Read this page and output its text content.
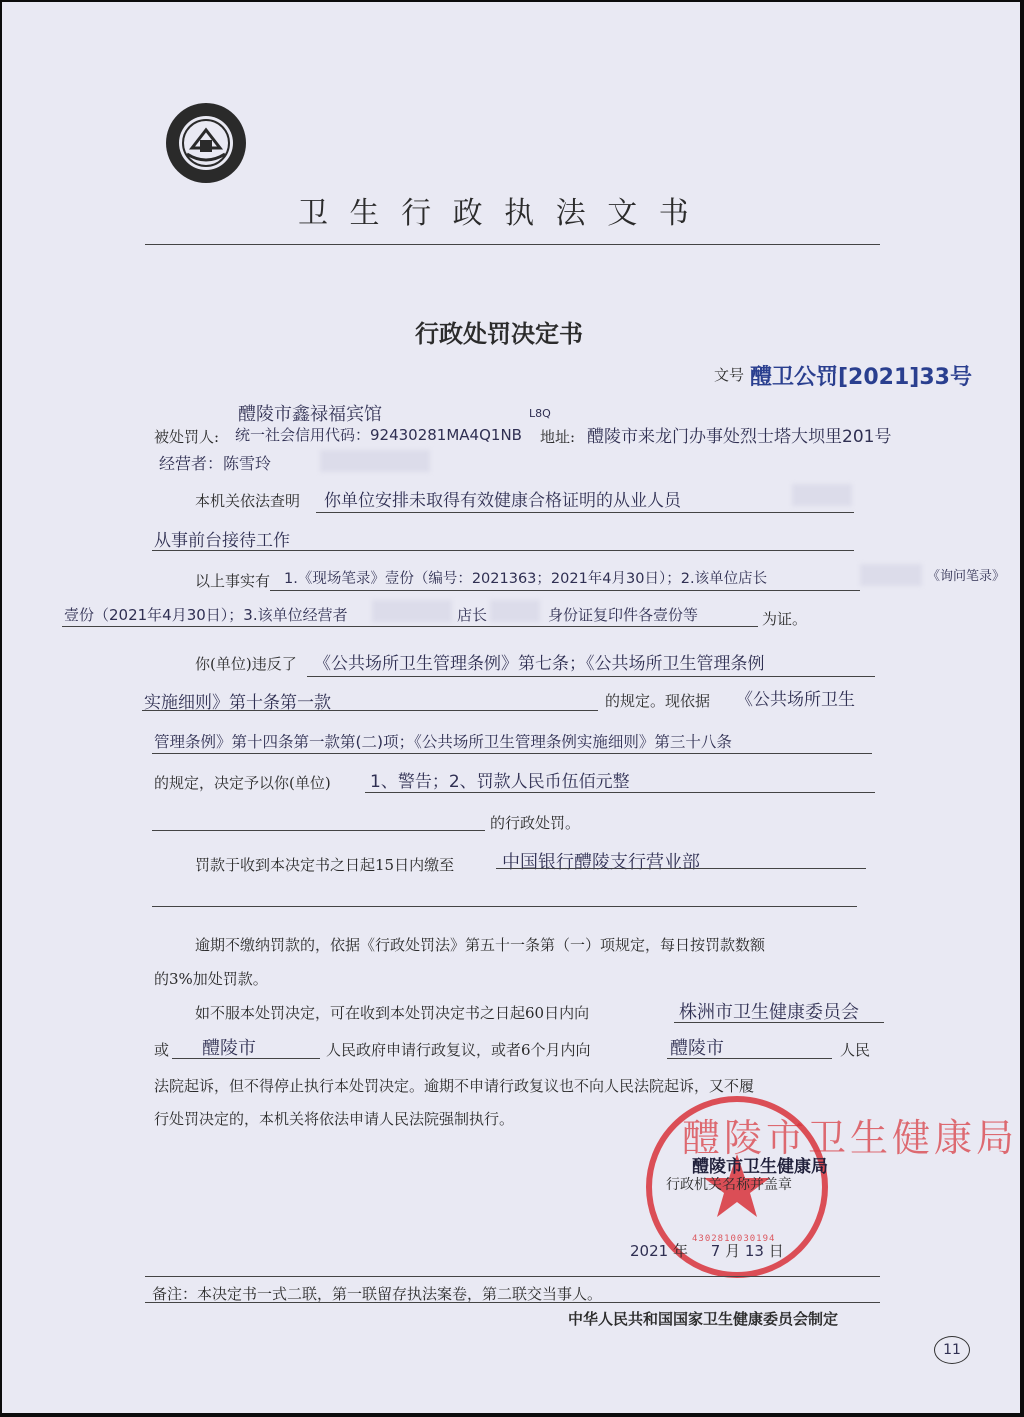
卫 生 行 政 执 法 文 书
行政处罚决定书
文号 醴卫公罚[2021]33号
醴陵市鑫禄福宾馆	L8Q
被处罚人: 统一社会信用代码：92430281MA4Q1NB 地址: 醴陵市来龙门办事处烈士塔大坝里201号
经营者：陈雪玲
本机关依法查明 你单位安排未取得有效健康合格证明的从业人员
从事前台接待工作
以上事实有 1.《现场笔录》壹份（编号：2021363；2021年4月30日）；2.该单位店长	《询问笔录》
壹份（2021年4月30日）；3.该单位经营者	店长	身份证复印件各壹份等	为证。
你(单位)违反了 《公共场所卫生管理条例》第七条；《公共场所卫生管理条例
实施细则》第十条第一款	的规定。现依据 《公共场所卫生
管理条例》第十四条第一款第(二)项；《公共场所卫生管理条例实施细则》第三十八条
的规定，决定予以你(单位) 1、警告；2、罚款人民币伍佰元整
的行政处罚。
罚款于收到本决定书之日起15日内缴至	中国银行醴陵支行营业部
逾期不缴纳罚款的，依据《行政处罚法》第五十一条第（一）项规定，每日按罚款数额
的3%加处罚款。
如不服本处罚决定，可在收到本处罚决定书之日起60日内向	株洲市卫生健康委员会
或 醴陵市	人民政府申请行政复议，或者6个月内向	醴陵市	人民
法院起诉，但不得停止执行本处罚决定。逾期不申请行政复议也不向人民法院起诉，又不履
行处罚决定的，本机关将依法申请人民法院强制执行。	醴陵市卫生健康局
4302810030194
醴陵市卫生健康局
行政机关名称并盖章
2021 年 7 月 13 日
备注：本决定书一式二联，第一联留存执法案卷，第二联交当事人。
中华人民共和国国家卫生健康委员会制定
11
